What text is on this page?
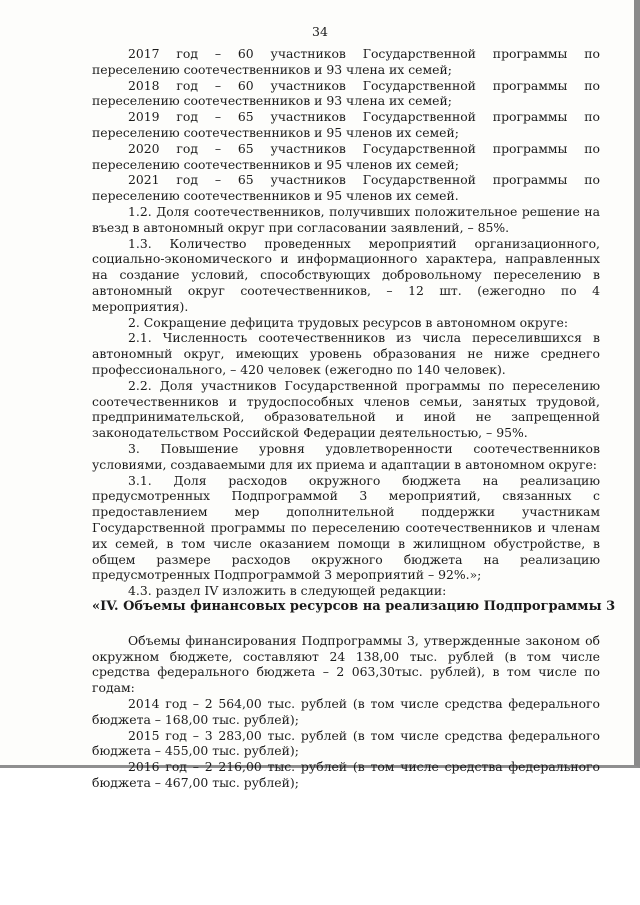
34

2017 год – 60 участников Государственной программы по переселению соотечественников и 93 члена их семей;

2018 год – 60 участников Государственной программы по переселению соотечественников и 93 члена их семей;

2019 год – 65 участников Государственной программы по переселению соотечественников и 95 членов их семей;

2020 год – 65 участников Государственной программы по переселению соотечественников и 95 членов их семей;

2021 год – 65 участников Государственной программы по переселению соотечественников и 95 членов их семей.

1.2. Доля соотечественников, получивших положительное решение на въезд в автономный округ при согласовании заявлений, – 85%.

1.3. Количество проведенных мероприятий организационного, социально-экономического и информационного характера, направленных на создание условий, способствующих добровольному переселению в автономный округ соотечественников, – 12 шт. (ежегодно по 4 мероприятия).

2. Сокращение дефицита трудовых ресурсов в автономном округе:

2.1. Численность соотечественников из числа переселившихся в автономный округ, имеющих уровень образования не ниже среднего профессионального, – 420 человек (ежегодно по 140 человек).

2.2. Доля участников Государственной программы по переселению соотечественников и трудоспособных членов семьи, занятых трудовой, предпринимательской, образовательной и иной не запрещенной законодательством Российской Федерации деятельностью, – 95%.

3. Повышение уровня удовлетворенности соотечественников условиями, создаваемыми для их приема и адаптации в автономном округе:

3.1. Доля расходов окружного бюджета на реализацию предусмотренных Подпрограммой 3 мероприятий, связанных с предоставлением мер дополнительной поддержки участникам Государственной программы по переселению соотечественников и членам их семей, в том числе оказанием помощи в жилищном обустройстве, в общем размере расходов окружного бюджета на реализацию предусмотренных Подпрограммой 3 мероприятий – 92%.»;

4.3. раздел IV изложить в следующей редакции:

«IV. Объемы финансовых ресурсов на реализацию Подпрограммы 3

Объемы финансирования Подпрограммы 3, утвержденные законом об окружном бюджете, составляют 24 138,00 тыс. рублей (в том числе средства федерального бюджета – 2 063,30тыс. рублей), в том числе по годам:

2014 год – 2 564,00 тыс. рублей (в том числе средства федерального бюджета – 168,00 тыс. рублей);

2015 год – 3 283,00 тыс. рублей (в том числе средства федерального бюджета – 455,00 тыс. рублей);

2016 год – 2 216,00 тыс. рублей (в том числе средства федерального бюджета – 467,00 тыс. рублей);
